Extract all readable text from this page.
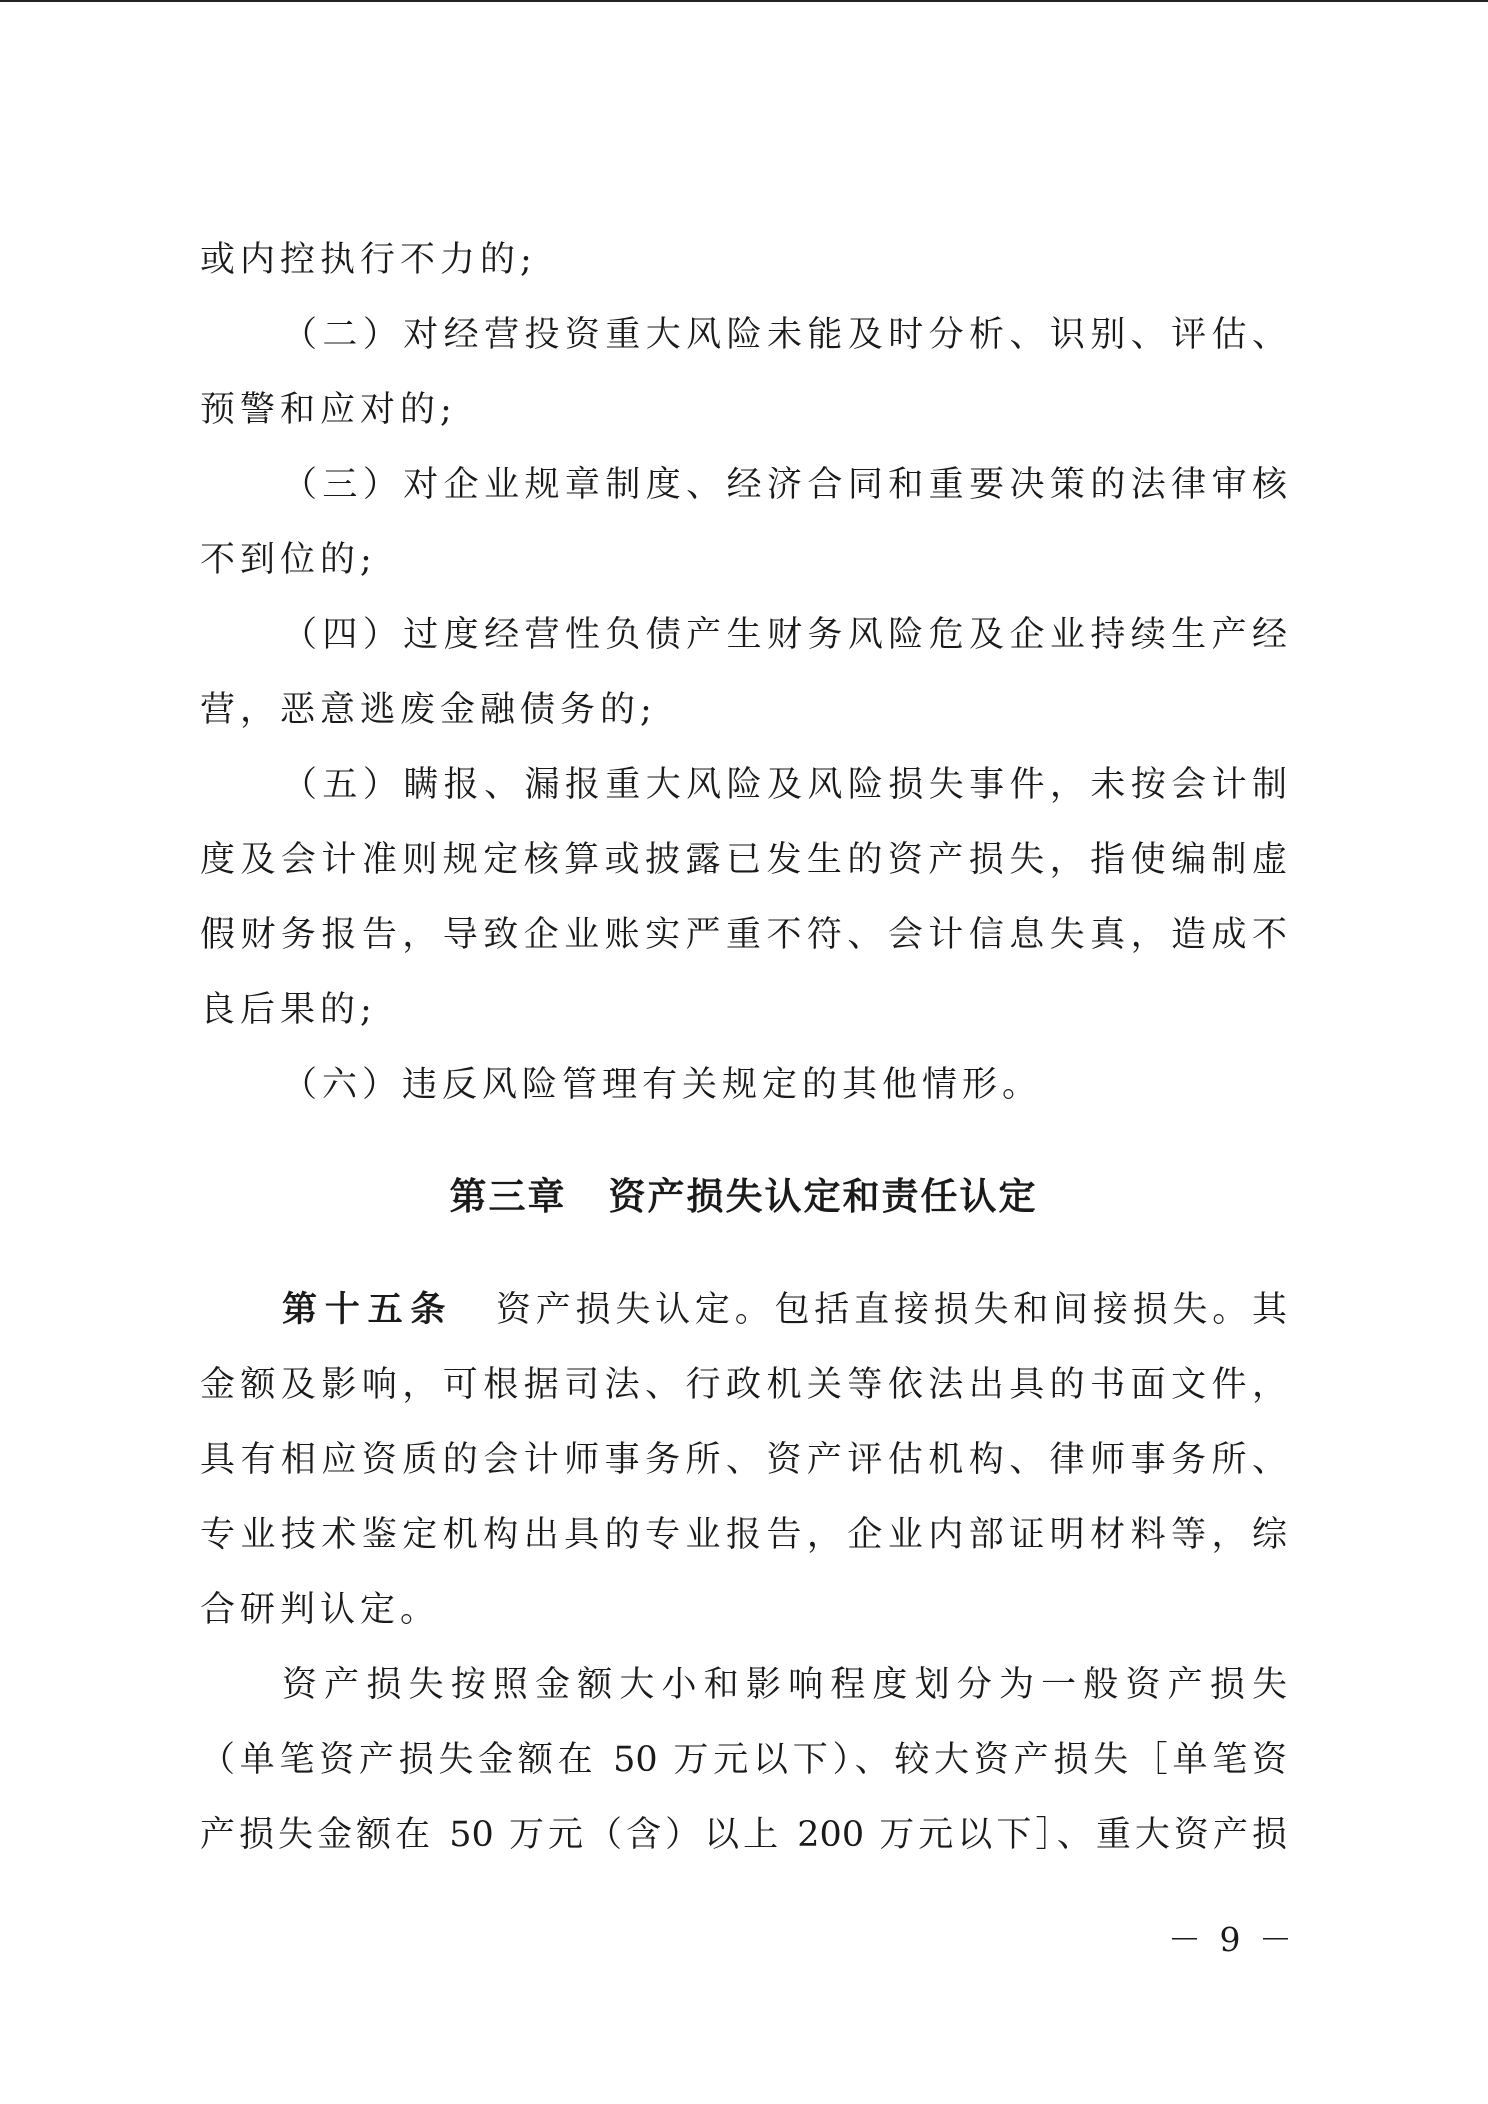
或内控执行不力的;
（二）对经营投资重大风险未能及时分析、识别、评估、
预警和应对的;
（三）对企业规章制度、经济合同和重要决策的法律审核
不到位的;
（四）过度经营性负债产生财务风险危及企业持续生产经
营，恶意逃废金融债务的;
（五）瞒报、漏报重大风险及风险损失事件，未按会计制
度及会计准则规定核算或披露已发生的资产损失，指使编制虚
假财务报告，导致企业账实严重不符、会计信息失真，造成不
良后果的;
（六）违反风险管理有关规定的其他情形。
第三章 资产损失认定和责任认定
第十五条 资产损失认定。包括直接损失和间接损失。其
金额及影响，可根据司法、行政机关等依法出具的书面文件，
具有相应资质的会计师事务所、资产评估机构、律师事务所、
专业技术鉴定机构出具的专业报告，企业内部证明材料等，综
合研判认定。
资产损失按照金额大小和影响程度划分为一般资产损失
（单笔资产损失金额在 50 万元以下）、较大资产损失［单笔资
产损失金额在 50 万元（含）以上 200 万元以下］、重大资产损
－ 9 －
